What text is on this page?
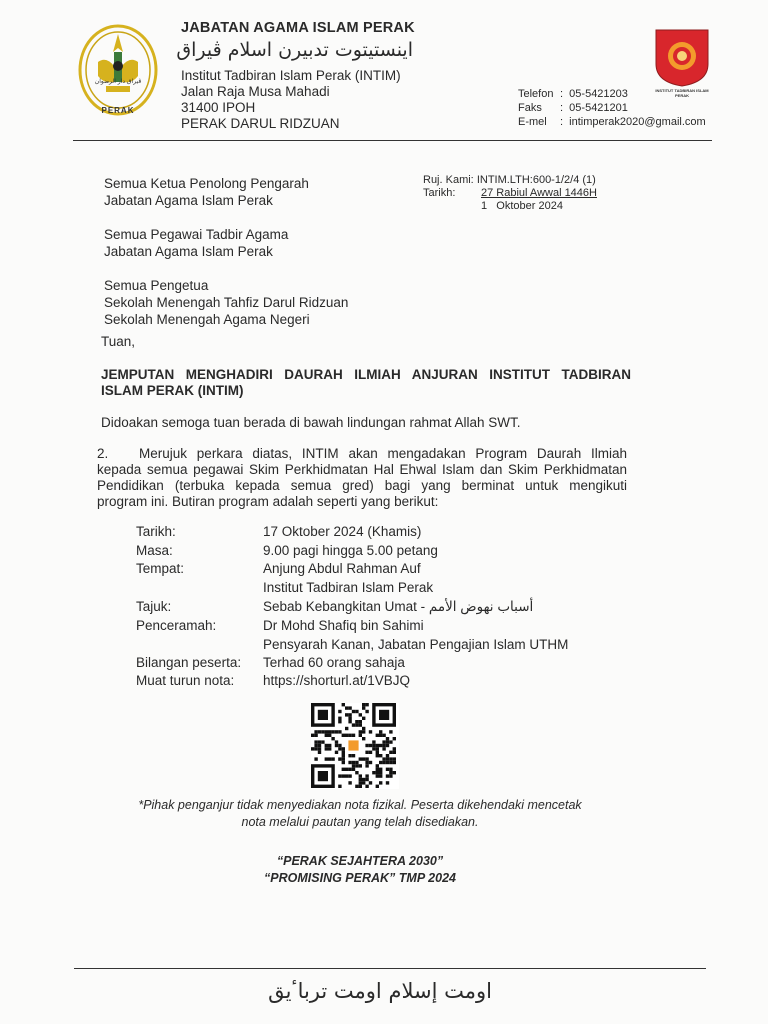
ڤيراق دار الرضوان
PERAK
JABATAN AGAMA ISLAM PERAK
اينستيتوت تدبيرن اسلام ڤيراق
Institut Tadbiran Islam Perak (INTIM)
Jalan Raja Musa Mahadi
31400 IPOH
PERAK DARUL RIDZUAN
Telefon :  05-5421203
Faks :  05-5421201
E-mel :  intimperak2020@gmail.com
INSTITUT TADBIRAN ISLAM PERAK
Semua Ketua Penolong Pengarah
Jabatan Agama Islam Perak
Semua Pegawai Tadbir Agama
Jabatan Agama Islam Perak
Semua Pengetua
Sekolah Menengah Tahfiz Darul Ridzuan
Sekolah Menengah Agama Negeri
Ruj. Kami: INTIM.LTH:600-1/2/4 (1)
Tarikh: 27 Rabiul Awwal 1446H
1   Oktober 2024
Tuan,
JEMPUTAN MENGHADIRI DAURAH ILMIAH ANJURAN INSTITUT TADBIRAN
ISLAM PERAK (INTIM)
Didoakan semoga tuan berada di bawah lindungan rahmat Allah SWT.
2. Merujuk perkara diatas, INTIM akan mengadakan Program Daurah Ilmiah
kepada semua pegawai Skim Perkhidmatan Hal Ehwal Islam dan Skim Perkhidmatan
Pendidikan (terbuka kepada semua gred) bagi yang berminat untuk mengikuti
program ini. Butiran program adalah seperti yang berikut:
Tarikh:	17 Oktober 2024 (Khamis)
Masa:	9.00 pagi hingga 5.00 petang
Tempat:	Anjung Abdul Rahman Auf
Institut Tadbiran Islam Perak
Tajuk:	Sebab Kebangkitan Umat - أسباب نهوض الأمم
Penceramah:	Dr Mohd Shafiq bin Sahimi
Pensyarah Kanan, Jabatan Pengajian Islam UTHM
Bilangan peserta: Terhad 60 orang sahaja
Muat turun nota: https://shorturl.at/1VBJQ
*Pihak penganjur tidak menyediakan nota fizikal. Peserta dikehendaki mencetak
nota melalui pautan yang telah disediakan.
“PERAK SEJAHTERA 2030”
“PROMISING PERAK” TMP 2024
اومت إسلام اومت ترباٴيق
